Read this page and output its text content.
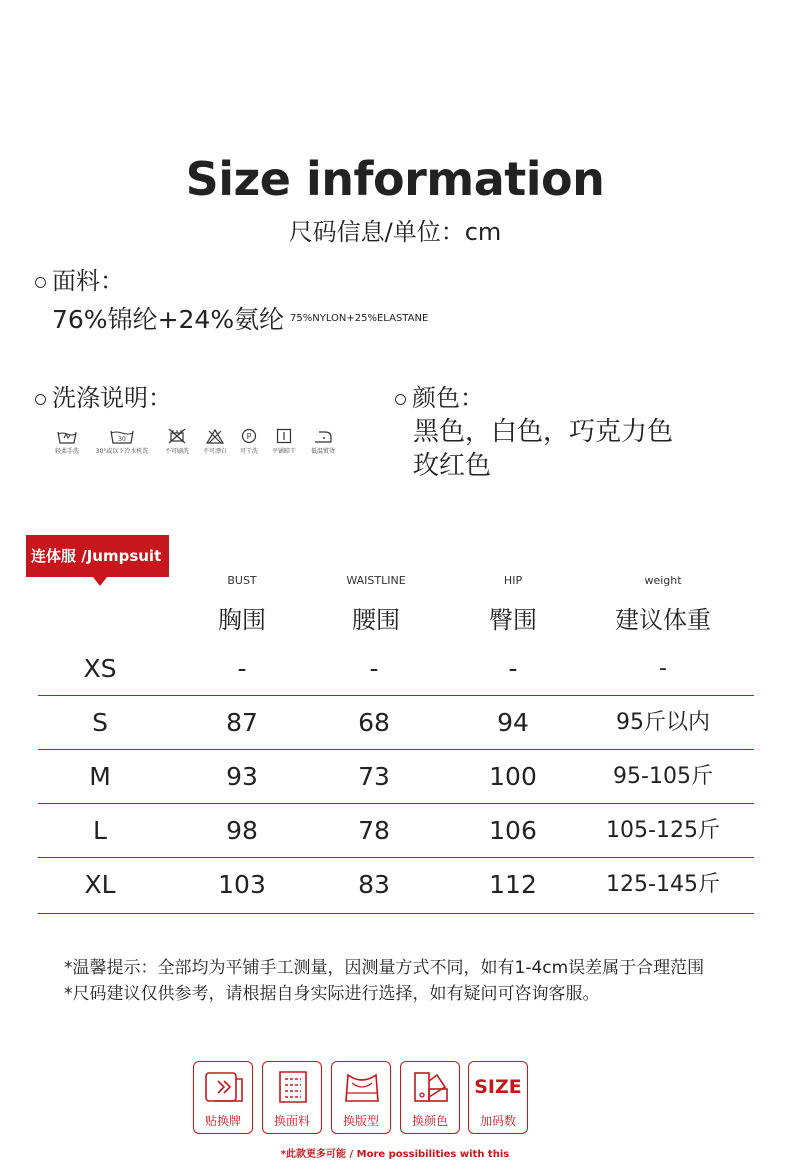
Size information
尺码信息/单位：cm
面料：
76%锦纶+24%氨纶 75%NYLON+25%ELASTANE
洗涤说明：
轻柔手洗
30
30°或以下冷水机洗	不可刷洗	不可漂白
P
可干洗	平铺晾干	低温熨烫
颜色：
黑色，白色，巧克力色
玫红色
连体服 /Jumpsuit
BUST	WAISTLINE	HIP	weight
胸围	腰围	臀围	建议体重
XS	-	-	-	-
S	87	68	94	95斤以内
M	93	73	100	95-105斤
L	98	78	106	105-125斤
XL	103	83	112	125-145斤
*温馨提示：全部均为平铺手工测量，因测量方式不同，如有1-4cm误差属于合理范围
*尺码建议仅供参考，请根据自身实际进行选择，如有疑问可咨询客服。
贴换牌	换面料	换版型	换颜色
SIZE
加码数
*此款更多可能 / More possibilities with this
